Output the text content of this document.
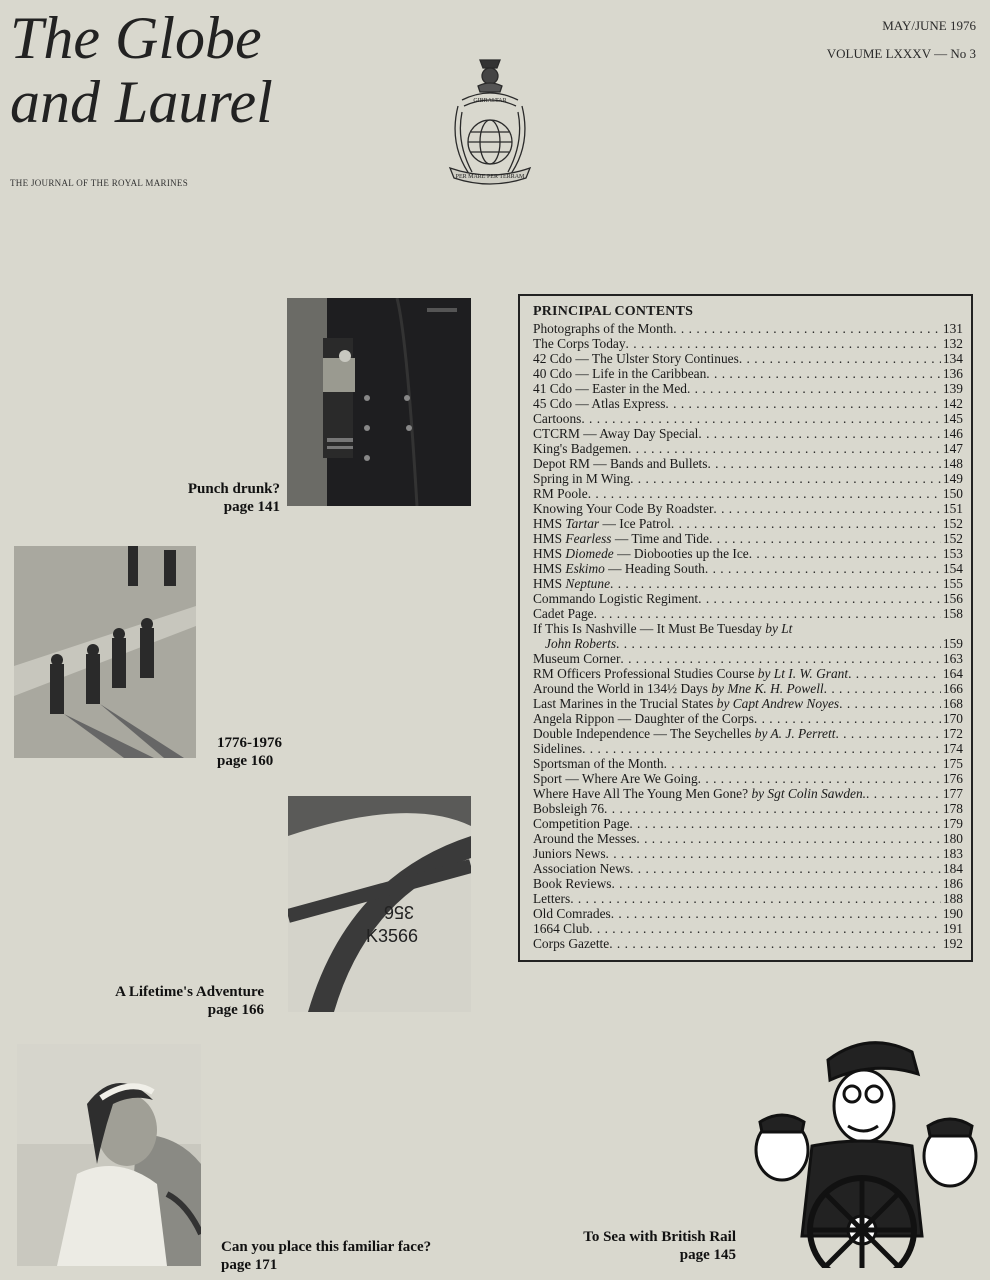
The Globe
and Laurel
THE JOURNAL OF THE ROYAL MARINES
MAY/JUNE 1976
VOLUME LXXXV — No 3
GIBRALTAR
PER MARE PER TERRAM
Punch drunk?
page 141
1776-1976
page 160
356
K3566
A Lifetime's Adventure
page 166
Can you place this familiar face?
page 171
To Sea with British Rail
page 145
PRINCIPAL CONTENTS
Photographs of the Month . . .	131
The Corps Today . . .	132
42 Cdo — The Ulster Story Continues . . .	134
40 Cdo — Life in the Caribbean . . .	136
41 Cdo — Easter in the Med . . .	139
45 Cdo — Atlas Express . . .	142
Cartoons . . .	145
CTCRM — Away Day Special . . .	146
King's Badgemen . . .	147
Depot RM — Bands and Bullets . . .	148
Spring in M Wing . . .	149
RM Poole . . .	150
Knowing Your Code By Roadster . . .	151
HMS Tartar — Ice Patrol . . .	152
HMS Fearless — Time and Tide . . .	152
HMS Diomede — Diobooties up the Ice . . .	153
HMS Eskimo — Heading South . . .	154
HMS Neptune . . .	155
Commando Logistic Regiment . . .	156
Cadet Page . . .	158
If This Is Nashville — It Must Be Tuesday by Lt
John Roberts . . .	159
Museum Corner . . .	163
RM Officers Professional Studies Course by Lt I. W. Grant . . .	164
Around the World in 134½ Days by Mne K. H. Powell . . .	166
Last Marines in the Trucial States by Capt Andrew Noyes . . .	168
Angela Rippon — Daughter of the Corps . . .	170
Double Independence — The Seychelles by A. J. Perrett . . .	172
Sidelines . . .	174
Sportsman of the Month . . .	175
Sport — Where Are We Going . . .	176
Where Have All The Young Men Gone? by Sgt Colin Sawden. . . .	177
Bobsleigh 76 . . .	178
Competition Page . . .	179
Around the Messes . . .	180
Juniors News . . .	183
Association News . . .	184
Book Reviews . . .	186
Letters . . .	188
Old Comrades . . .	190
1664 Club . . .	191
Corps Gazette . . .	192
